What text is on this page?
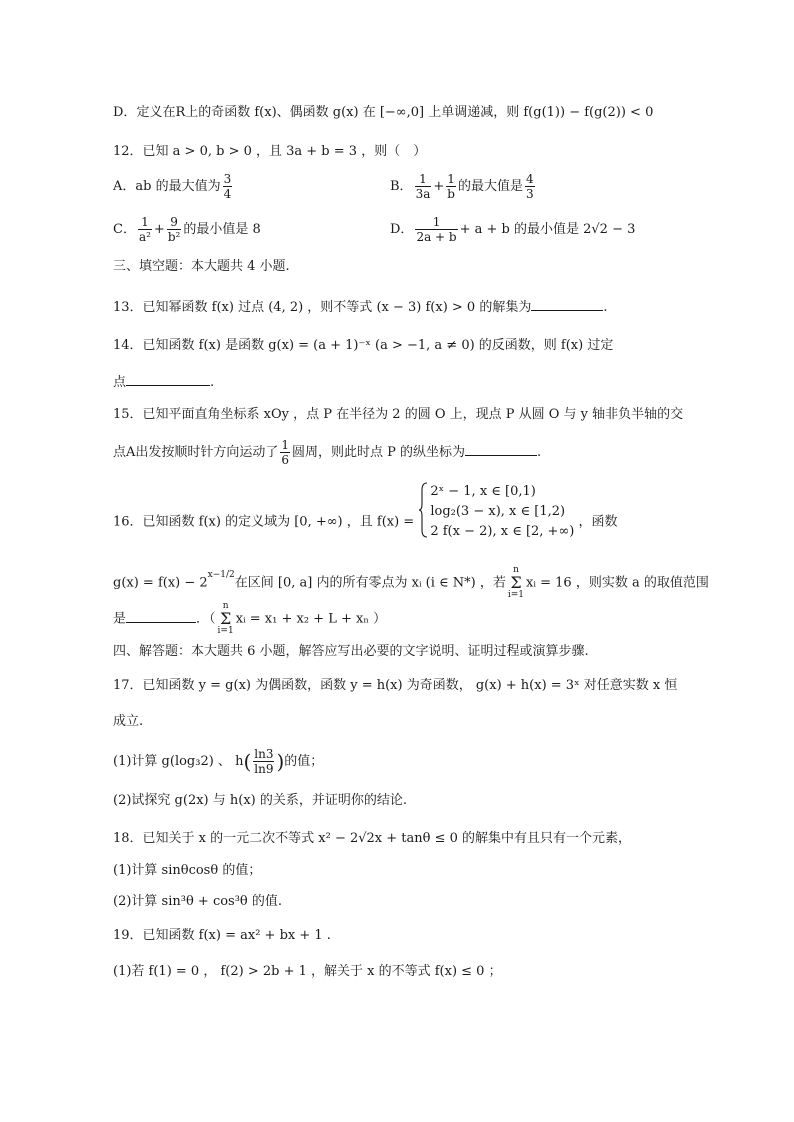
D．定义在R上的奇函数 f(x)、偶函数 g(x) 在 [−∞,0] 上单调递减，则 f(g(1)) − f(g(2)) < 0
12．已知 a > 0, b > 0 ，且 3a + b = 3 ，则（　）
A．ab 的最大值为 $\frac{3}{4}$	B． $\frac{1}{3a} + \frac{1}{b}$ 的最大值是 $\frac{4}{3}$
C． $\frac{1}{\text{a²}} + \frac{9}{\text{b²}}$ 的最小值是 8	D． $\frac{1}{2a + b} + a + b$ 的最小值是 2√2 − 3
三、填空题：本大题共 4 小题.
13．已知幂函数 f(x) 过点 (4, 2) ，则不等式 (x − 3) f(x) > 0 的解集为	.
14．已知函数 f(x) 是函数 g(x) = (a + 1)⁻ˣ (a > −1, a ≠ 0) 的反函数，则 f(x) 过定
点	.
15．已知平面直角坐标系 xOy ，点 P 在半径为 2 的圆 O 上，现点 P 从圆 O 与 y 轴非负半轴的交
点A出发按顺时针方向运动了 $\frac{1}{6}$ 圆周，则此时点 P 的纵坐标为	.
16．已知函数 f(x) 的定义域为 [0, +∞) ，且 f(x) =
2ˣ − 1, x ∈ [0,1)
log₂(3 − x), x ∈ [1,2)
2 f(x − 2), x ∈ [2, +∞)
，函数
$g(x) = f(x) - 2^{x-1/2}$在区间 [0, a] 内的所有零点为 xᵢ (i ∈ N*) ，若
n
Σ
i=1
xᵢ = 16 ，则实数 a 的取值范围
是	．（
n
Σ
i=1
xᵢ = x₁ + x₂ + L + xₙ ）
四、解答题：本大题共 6 小题，解答应写出必要的文字说明、证明过程或演算步骤.
17．已知函数 y = g(x) 为偶函数，函数 y = h(x) 为奇函数， g(x) + h(x) = 3ˣ 对任意实数 x 恒
成立.
(1)计算 g(log₃2) 、 $h( \frac{\ln 3}{\ln 9}$ )的值；
(2)试探究 g(2x) 与 h(x) 的关系，并证明你的结论.
18．已知关于 x 的一元二次不等式 x² − 2√2x + tanθ ≤ 0 的解集中有且只有一个元素，
(1)计算 sinθcosθ 的值；
(2)计算 sin³θ + cos³θ 的值.
19．已知函数 f(x) = ax² + bx + 1 .
(1)若 f(1) = 0 ， f(2) > 2b + 1 ，解关于 x 的不等式 f(x) ≤ 0 ；
